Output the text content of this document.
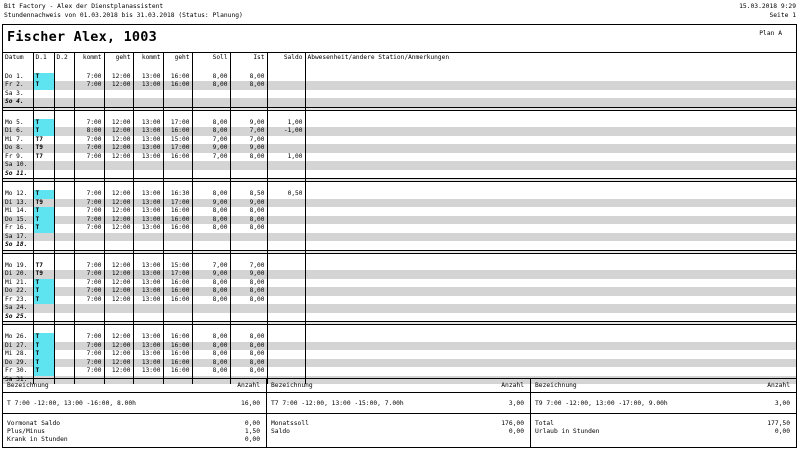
Bit Factory - Alex der Dienstplanassistent
Stundennachweis von 01.03.2018 bis 31.03.2018 (Status: Planung)
15.03.2018 9:29
Seite 1
Fischer Alex, 1003	Plan A
Datum	D.1	D.2	kommt	geht	kommt	geht	Soll	Ist	Saldo	Abwesenheit/andere Station/Anmerkungen

Do 1.	T		7:00	12:00	13:00	16:00	8,00	8,00		
Fr 2.	T		7:00	12:00	13:00	16:00	8,00	8,00		
Sa 3.										
So 4.										

Mo 5.	T		7:00	12:00	13:00	17:00	8,00	9,00	1,00	
Di 6.	T		8:00	12:00	13:00	16:00	8,00	7,00	-1,00	
Mi 7.	T7		7:00	12:00	13:00	15:00	7,00	7,00		
Do 8.	T9		7:00	12:00	13:00	17:00	9,00	9,00		
Fr 9.	T7		7:00	12:00	13:00	16:00	7,00	8,00	1,00	
Sa 10.										
So 11.										

Mo 12.	T		7:00	12:00	13:00	16:30	8,00	8,50	0,50	
Di 13.	T9		7:00	12:00	13:00	17:00	9,00	9,00		
Mi 14.	T		7:00	12:00	13:00	16:00	8,00	8,00		
Do 15.	T		7:00	12:00	13:00	16:00	8,00	8,00		
Fr 16.	T		7:00	12:00	13:00	16:00	8,00	8,00		
Sa 17.										
So 18.										

Mo 19.	T7		7:00	12:00	13:00	15:00	7,00	7,00		
Di 20.	T9		7:00	12:00	13:00	17:00	9,00	9,00		
Mi 21.	T		7:00	12:00	13:00	16:00	8,00	8,00		
Do 22.	T		7:00	12:00	13:00	16:00	8,00	8,00		
Fr 23.	T		7:00	12:00	13:00	16:00	8,00	8,00		
Sa 24.										
So 25.										

Mo 26.	T		7:00	12:00	13:00	16:00	8,00	8,00		
Di 27.	T		7:00	12:00	13:00	16:00	8,00	8,00		
Mi 28.	T		7:00	12:00	13:00	16:00	8,00	8,00		
Do 29.	T		7:00	12:00	13:00	16:00	8,00	8,00		
Fr 30.	T		7:00	12:00	13:00	16:00	8,00	8,00		
Sa 31.										
Bezeichnung	Anzahl
T 7:00 -12:00, 13:00 -16:00, 8.00h	16,00
Vormonat Saldo	0,00
Plus/Minus	1,50
Krank in Stunden	0,00
Bezeichnung	Anzahl
T7 7:00 -12:00, 13:00 -15:00, 7.00h	3,00
Monatssoll	176,00
Saldo	0,00
Bezeichnung	Anzahl
T9 7:00 -12:00, 13:00 -17:00, 9.00h	3,00
Total	177,50
Urlaub in Stunden	0,00
